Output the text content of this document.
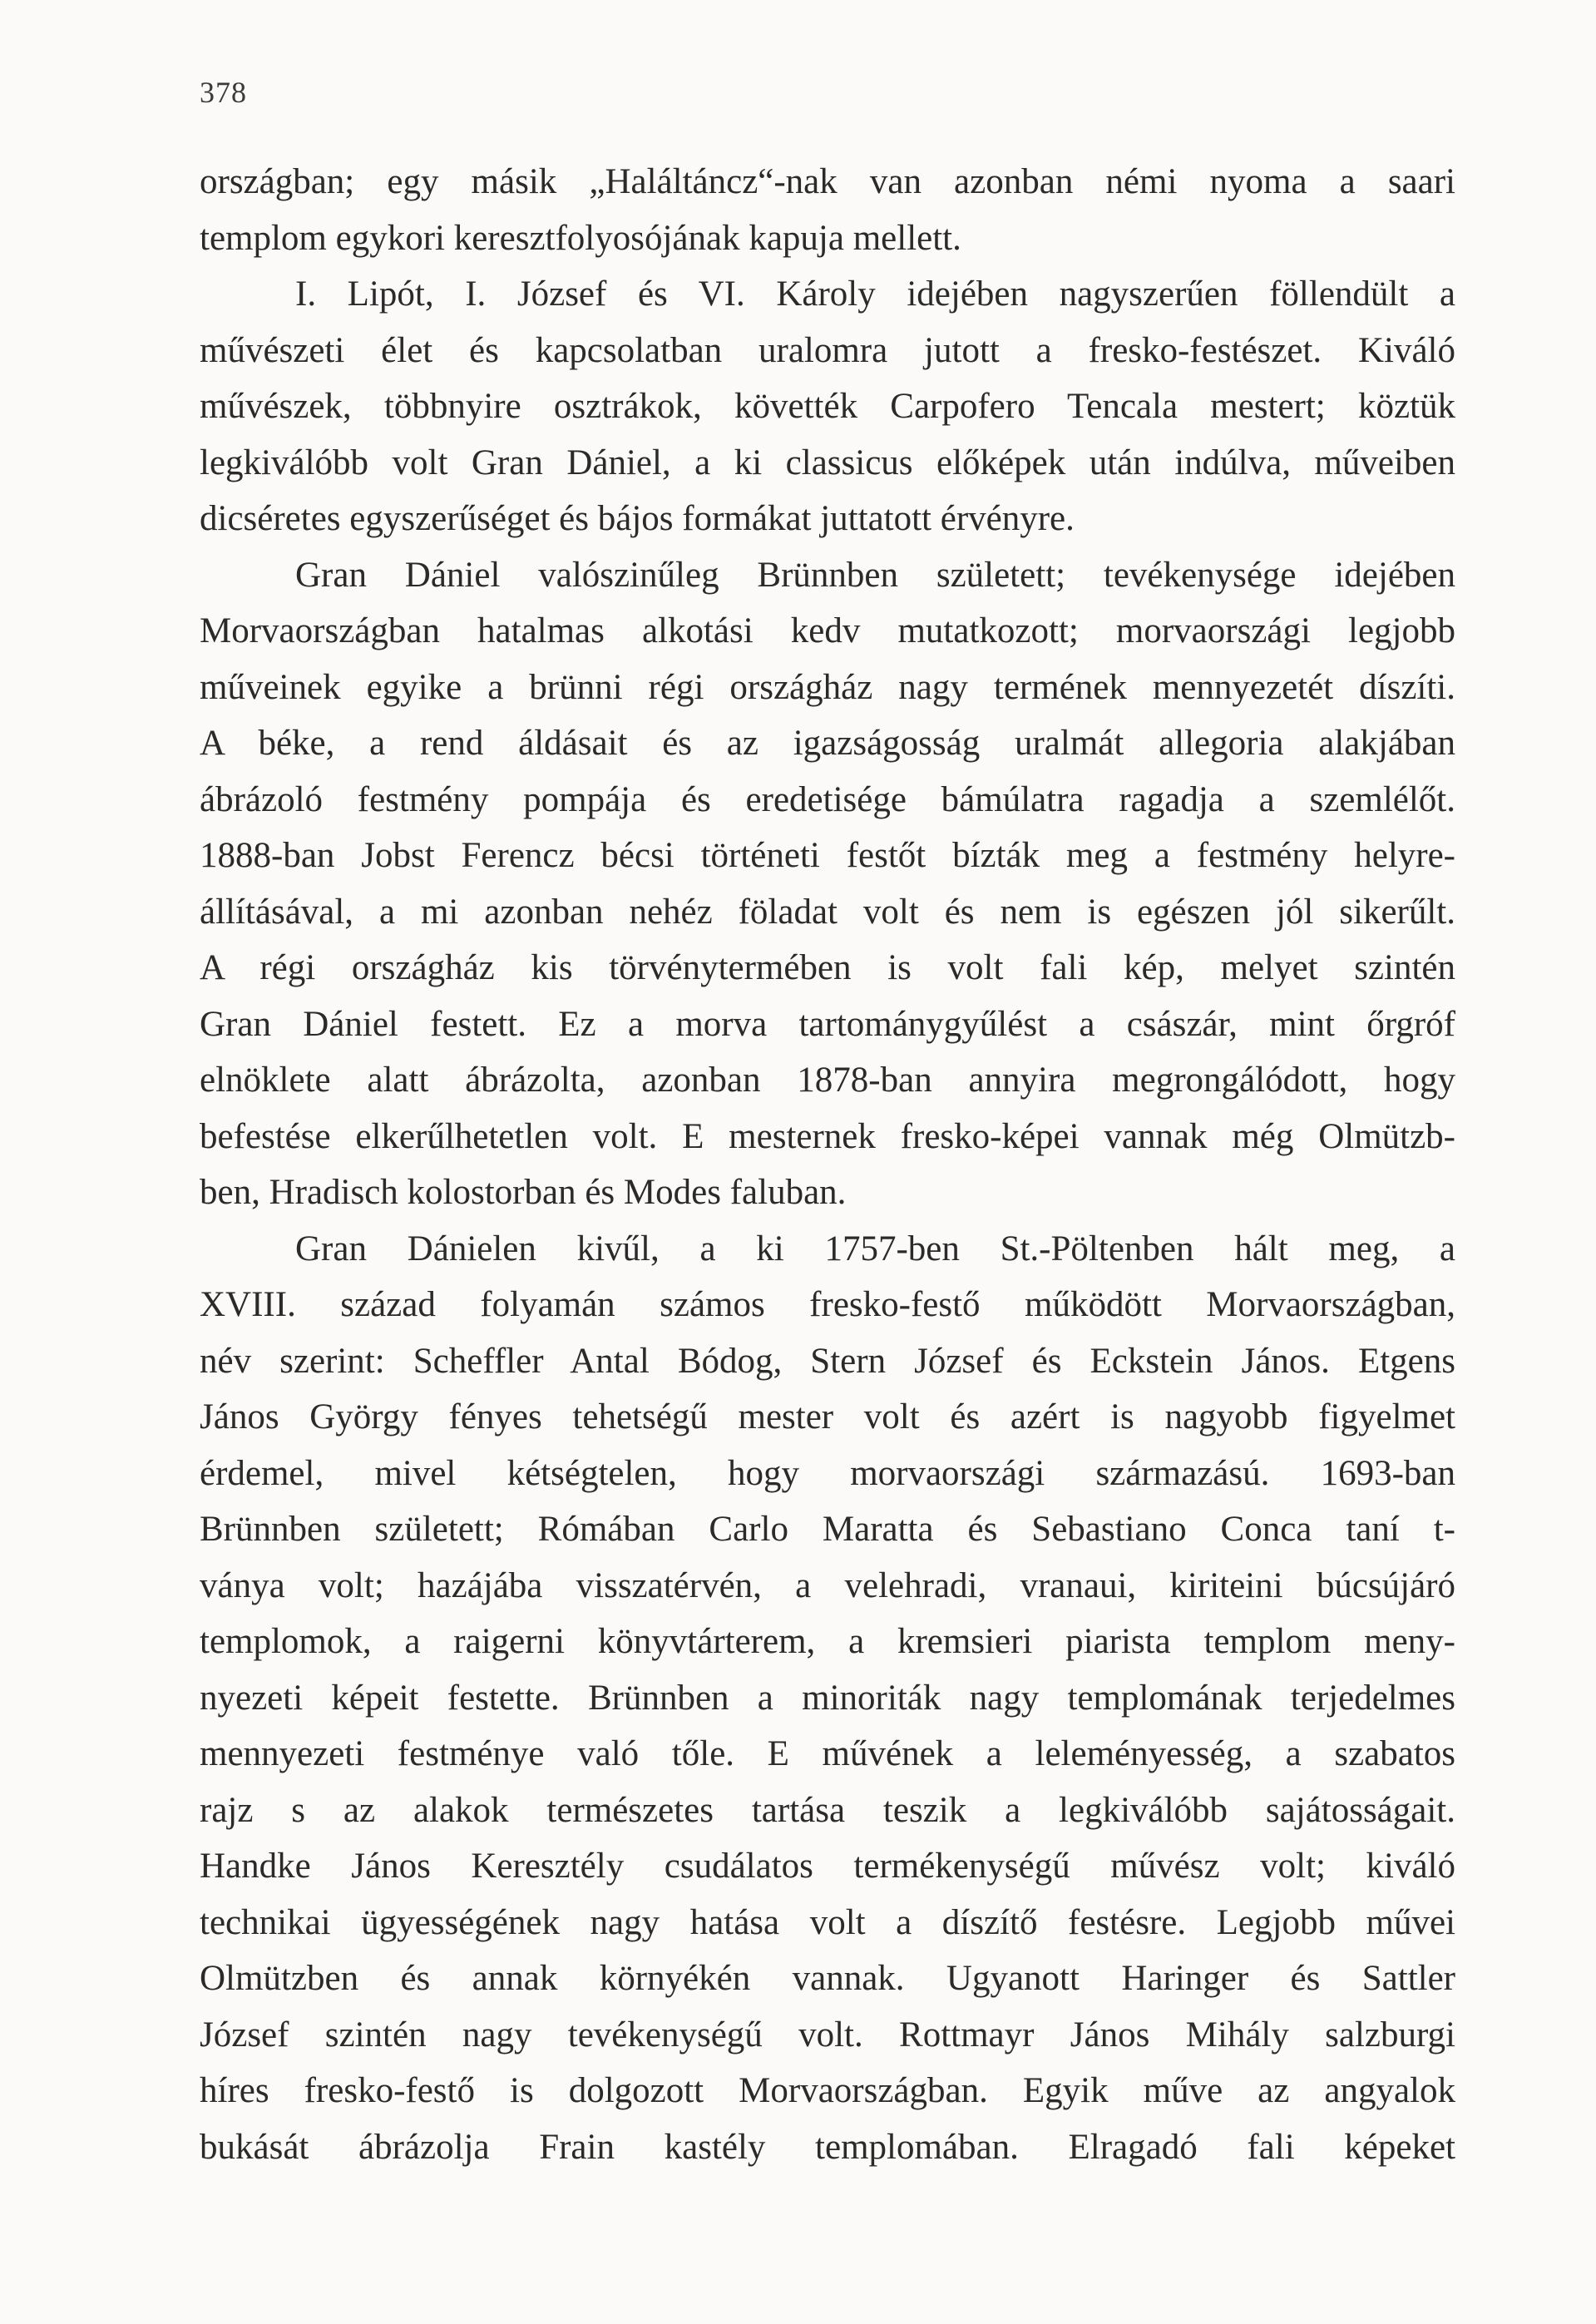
378
országban; egy másik „Haláltáncz“-nak van azonban némi nyoma a saari
templom egykori keresztfolyosójának kapuja mellett.
I. Lipót, I. József és VI. Károly idejében nagyszerűen föllendült a
művészeti élet és kapcsolatban uralomra jutott a fresko-festészet. Kiváló
művészek, többnyire osztrákok, követték Carpofero Tencala mestert; köztük
legkiválóbb volt Gran Dániel, a ki classicus előképek után indúlva, műveiben
dicséretes egyszerűséget és bájos formákat juttatott érvényre.
Gran Dániel valószinűleg Brünnben született; tevékenysége idejében
Morvaországban hatalmas alkotási kedv mutatkozott; morvaországi legjobb
műveinek egyike a brünni régi országház nagy termének mennyezetét díszíti.
A béke, a rend áldásait és az igazságosság uralmát allegoria alakjában
ábrázoló festmény pompája és eredetisége bámúlatra ragadja a szemlélőt.
1888-ban Jobst Ferencz bécsi történeti festőt bízták meg a festmény helyre-
állításával, a mi azonban nehéz föladat volt és nem is egészen jól sikerűlt.
A régi országház kis törvénytermében is volt fali kép, melyet szintén
Gran Dániel festett. Ez a morva tartománygyűlést a császár, mint őrgróf
elnöklete alatt ábrázolta, azonban 1878-ban annyira megrongálódott, hogy
befestése elkerűlhetetlen volt. E mesternek fresko-képei vannak még Olmützb-
ben, Hradisch kolostorban és Modes faluban.
Gran Dánielen kivűl, a ki 1757-ben St.-Pöltenben hált meg, a
XVIII. század folyamán számos fresko-festő működött Morvaországban,
név szerint: Scheffler Antal Bódog, Stern József és Eckstein János. Etgens
János György fényes tehetségű mester volt és azért is nagyobb figyelmet
érdemel, mivel kétségtelen, hogy morvaországi származású. 1693-ban
Brünnben született; Rómában Carlo Maratta és Sebastiano Conca taní t-
ványa volt; hazájába visszatérvén, a velehradi, vranaui, kiriteini búcsújáró
templomok, a raigerni könyvtárterem, a kremsieri piarista templom meny-
nyezeti képeit festette. Brünnben a minoriták nagy templomának terjedelmes
mennyezeti festménye való tőle. E művének a leleményesség, a szabatos
rajz s az alakok természetes tartása teszik a legkiválóbb sajátosságait.
Handke János Keresztély csudálatos termékenységű művész volt; kiváló
technikai ügyességének nagy hatása volt a díszítő festésre. Legjobb művei
Olmützben és annak környékén vannak. Ugyanott Haringer és Sattler
József szintén nagy tevékenységű volt. Rottmayr János Mihály salzburgi
híres fresko-festő is dolgozott Morvaországban. Egyik műve az angyalok
bukását ábrázolja Frain kastély templomában. Elragadó fali képeket
